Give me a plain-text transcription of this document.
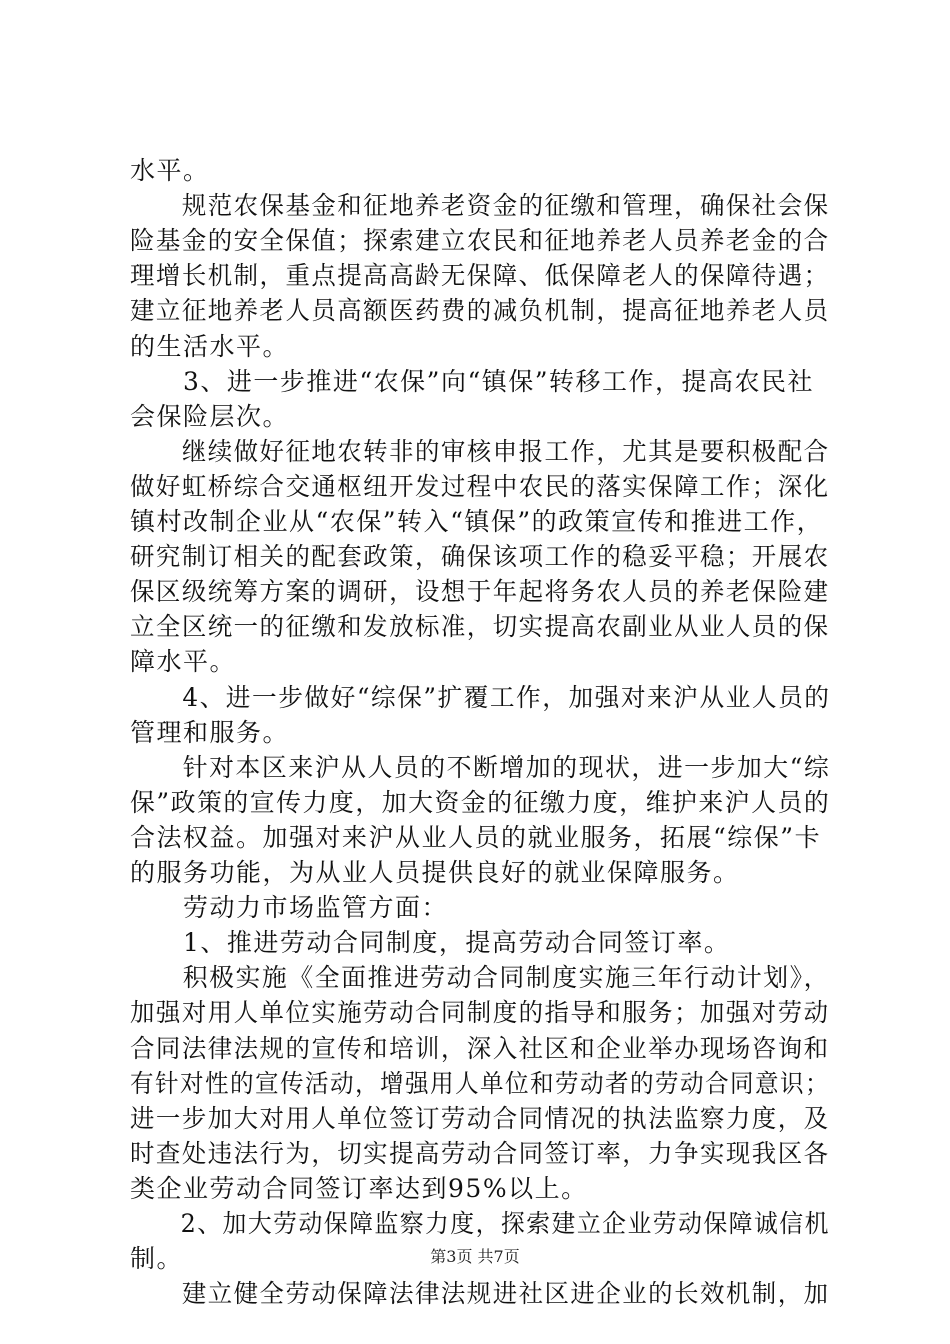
水平。
　　规范农保基金和征地养老资金的征缴和管理，确保社会保
险基金的安全保值；探索建立农民和征地养老人员养老金的合
理增长机制，重点提高高龄无保障、低保障老人的保障待遇；
建立征地养老人员高额医药费的减负机制，提高征地养老人员
的生活水平。
　　3、进一步推进“农保”向“镇保”转移工作，提高农民社
会保险层次。
　　继续做好征地农转非的审核申报工作，尤其是要积极配合
做好虹桥综合交通枢纽开发过程中农民的落实保障工作；深化
镇村改制企业从“农保”转入“镇保”的政策宣传和推进工作，
研究制订相关的配套政策，确保该项工作的稳妥平稳；开展农
保区级统筹方案的调研，设想于年起将务农人员的养老保险建
立全区统一的征缴和发放标准，切实提高农副业从业人员的保
障水平。
　　4、进一步做好“综保”扩覆工作，加强对来沪从业人员的
管理和服务。
　　针对本区来沪从人员的不断增加的现状，进一步加大“综
保”政策的宣传力度，加大资金的征缴力度，维护来沪人员的
合法权益。加强对来沪从业人员的就业服务，拓展“综保”卡
的服务功能，为从业人员提供良好的就业保障服务。
　　劳动力市场监管方面：
　　1、推进劳动合同制度，提高劳动合同签订率。
　　积极实施《全面推进劳动合同制度实施三年行动计划》，
加强对用人单位实施劳动合同制度的指导和服务；加强对劳动
合同法律法规的宣传和培训，深入社区和企业举办现场咨询和
有针对性的宣传活动，增强用人单位和劳动者的劳动合同意识；
进一步加大对用人单位签订劳动合同情况的执法监察力度，及
时查处违法行为，切实提高劳动合同签订率，力争实现我区各
类企业劳动合同签订率达到95%以上。
　　2、加大劳动保障监察力度，探索建立企业劳动保障诚信机
制。
　　建立健全劳动保障法律法规进社区进企业的长效机制，加
第3页 共7页
